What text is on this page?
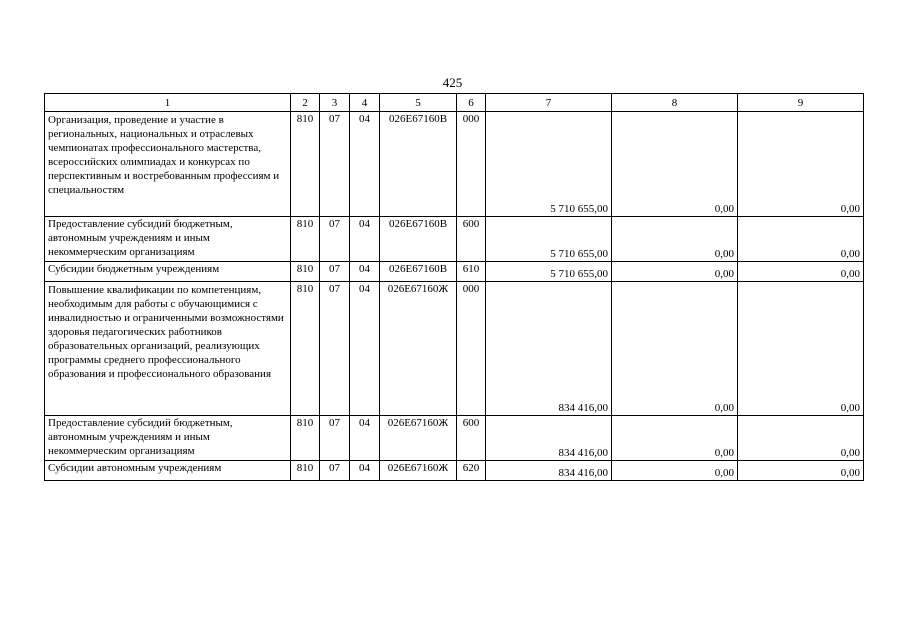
425
1	2	3	4	5	6	7	8	9
Организация, проведение и участие в региональных, национальных и отраслевых чемпионатах профессионального мастерства, всероссийских олимпиадах и конкурсах по перспективным и востребованным профессиям и специальностям	810	07	04	026Е67160В	000	5 710 655,00	0,00	0,00
Предоставление субсидий бюджетным, автономным учреждениям и иным некоммерческим организациям	810	07	04	026Е67160В	600	5 710 655,00	0,00	0,00
Субсидии бюджетным учреждениям	810	07	04	026Е67160В	610	5 710 655,00	0,00	0,00
Повышение квалификации по компетенциям, необходимым для работы с обучающимися с инвалидностью и ограниченными возможностями здоровья педагогических работников образовательных организаций, реализующих программы среднего профессионального образования и профессионального образования	810	07	04	026Е67160Ж	000	834 416,00	0,00	0,00
Предоставление субсидий бюджетным, автономным учреждениям и иным некоммерческим организациям	810	07	04	026Е67160Ж	600	834 416,00	0,00	0,00
Субсидии автономным учреждениям	810	07	04	026Е67160Ж	620	834 416,00	0,00	0,00
